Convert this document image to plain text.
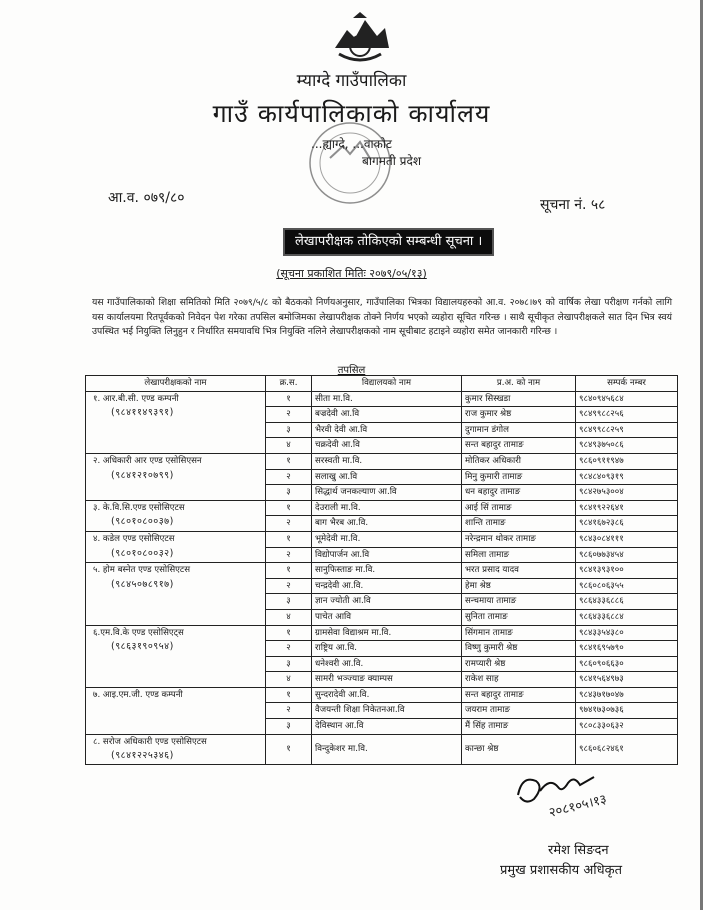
म्याग्दे गाउँपालिका
गाउँ कार्यपालिकाको कार्यालय
...ह्याग्दे, ...वाकोट
बागमती प्रदेश
आ.व. ०७९/८०	सूचना नं. ५८
लेखापरीक्षक तोकिएको सम्बन्धी सूचना ।
(सूचना प्रकाशित मितिः २०७९/०५/१३)
यस गाउँपालिकाको शिक्षा समितिको मिति २०७९/५/८ को बैठकको निर्णयअनुसार, गाउँपालिका भित्रका विद्यालयहरुको आ.व. २०७८।७९ को वार्षिक लेखा परीक्षण गर्नको लागि यस कार्यालयमा रितपूर्वकको निवेदन पेश गरेका तपसिल बमोजिमका लेखापरीक्षक तोक्ने निर्णय भएको व्यहोरा सूचित गरिन्छ । साथै सूचीकृत लेखापरीक्षकले सात दिन भित्र स्वयं उपस्थित भई नियुक्ति लिनुहुन र निर्धारित समयावधि भित्र नियुक्ति नलिने लेखापरीक्षकको नाम सूचीबाट हटाइने व्यहोरा समेत जानकारी गरिन्छ ।
तपसिल
लेखापरीक्षकको नाम	क्र.स.	विद्यालयको नाम	प्र.अ. को नाम	सम्पर्क नम्बर

१. आर.बी.सी. एण्ड कम्पनी
(९८४११४९३९१)	१	सीता मा.वि.	कुमार सिस्खडा	९८४०९४५६८४
	२	बज्रदेवी आ.वि	राज कुमार श्रेष्ठ	९८४९९८८२५६
	३	भैरवी देवी आ.वि	दुगामान डंगोल	९८४९९८८२५९
	४	चक्रदेवी आ.वि	सन्त बहादुर तामाङ	९८४९३७५०८६

२. अधिकारी आर एण्ड एसोसिएसन
(९८४१२१०७९९)	१	सरस्वती मा.वि.	मोतिकर अधिकारी	९८६०९११९४७
	२	सलाखु आ.वि	मिनु कुमारी तामाङ	९८४८४०९३१९
	३	सिद्धार्थ जनकल्याण आ.वि	धन बहादुर तामाङ	९८४२७५३००४

३. के.वि.सि.एण्ड एसोसिएटस
(९८०१०८००३७)	१	देउराली मा.वि.	आई सिं तामाङ	९८४१९२२६४१
	२	बाग भैरब आ.वि.	शान्ति तामाङ	९८४१६७२३८६

४. कडेल एण्ड एसोसिएटस
(९८०१०८००३२)	१	भूमेदेवी मा.वि.	नरेन्द्रमान थोकर तामाङ	९८४३०८४१११
	२	विद्योपार्जन आ.वि	समिला तामाङ	९८६०७७३४५४

५. होम बस्नेत एण्ड एसोसिएटस
(९८४५०७८९१७)	१	सानुफिस्ताङ मा.वि.	भरत प्रसाद यादव	९८४१३९३१००
	२	चन्द्रदेवी आ.वि.	हेमा श्रेष्ठ	९८६०८०६३५५
	३	ज्ञान ज्योती आ.वि	सन्चमाया तामाङ	९८६४३३६८८६
	४	पाचेत आवि	सुनिता तामाङ	९८६४३३६८८४

६.एम.वि.के एण्ड एसोसिएट्स
(९८६३१९०९५४)	१	ग्रामसेवा विद्याश्रम मा.वि.	सिंगमान तामाङ	९८४३३५४३८०
	२	राष्ट्रिय आ.वि.	विष्णु कुमारी श्रेष्ठ	९८४१६९५७९०
	३	धनेश्वरी आ.वि.	रामप्यारी श्रेष्ठ	९८६०९०६६३०
	४	सामरी भञ्ज्याङ क्याम्पस	राकेश साह	९८४१५६४९७३

७. आइ.एम.जी. एण्ड कम्पनी	१	सुन्दरादेवी आ.वि.	सन्त बहादुर तामाङ	९८४३७१७०४७
	२	वैजयन्ती शिक्षा निकेतनआ.वि	जयराम तामाङ	९७४१७३०७३६
	३	देविस्थान आ.वि	मैं सिंह तामाङ	९८०८३३०६३२

८. सरोज अधिकारी एण्ड एसोसिएटस
(९८४१२२५३४६)	१	विन्दुकेशर मा.वि.	कान्छा श्रेष्ठ	९८६०६८२४६१
२०८१०५।१३
रमेश सिङदन
प्रमुख प्रशासकीय अधिकृत
